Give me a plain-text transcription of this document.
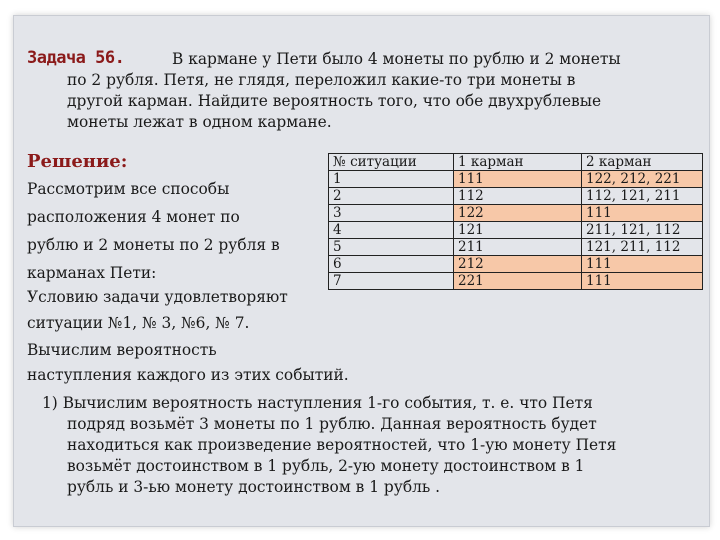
Задача 56.	В кармане у Пети было 4 монеты по рублю и 2 монеты
по 2 рубля. Петя, не глядя, переложил какие-то три монеты в
другой карман. Найдите вероятность того, что обе двухрублевые
монеты лежат в одном кармане.
Решение:
Рассмотрим все способы
расположения 4 монет по
рублю и 2 монеты по 2 рубля в
карманах Пети:
Условию задачи удовлетворяют
ситуации №1, № 3, №6, № 7.
Вычислим вероятность
наступления каждого из этих событий.
№ ситуации	1 карман	2 карман
1	111	122, 212, 221
2	112	112, 121, 211
3	122	111
4	121	211, 121, 112
5	211	121, 211, 112
6	212	111
7	221	111
1) Вычислим вероятность наступления 1-го события, т. е. что Петя
подряд возьмёт 3 монеты по 1 рублю. Данная вероятность будет
находиться как произведение вероятностей, что 1-ую монету Петя
возьмёт достоинством в 1 рубль, 2-ую монету достоинством в 1
рубль и 3-ью монету достоинством в 1 рубль .
